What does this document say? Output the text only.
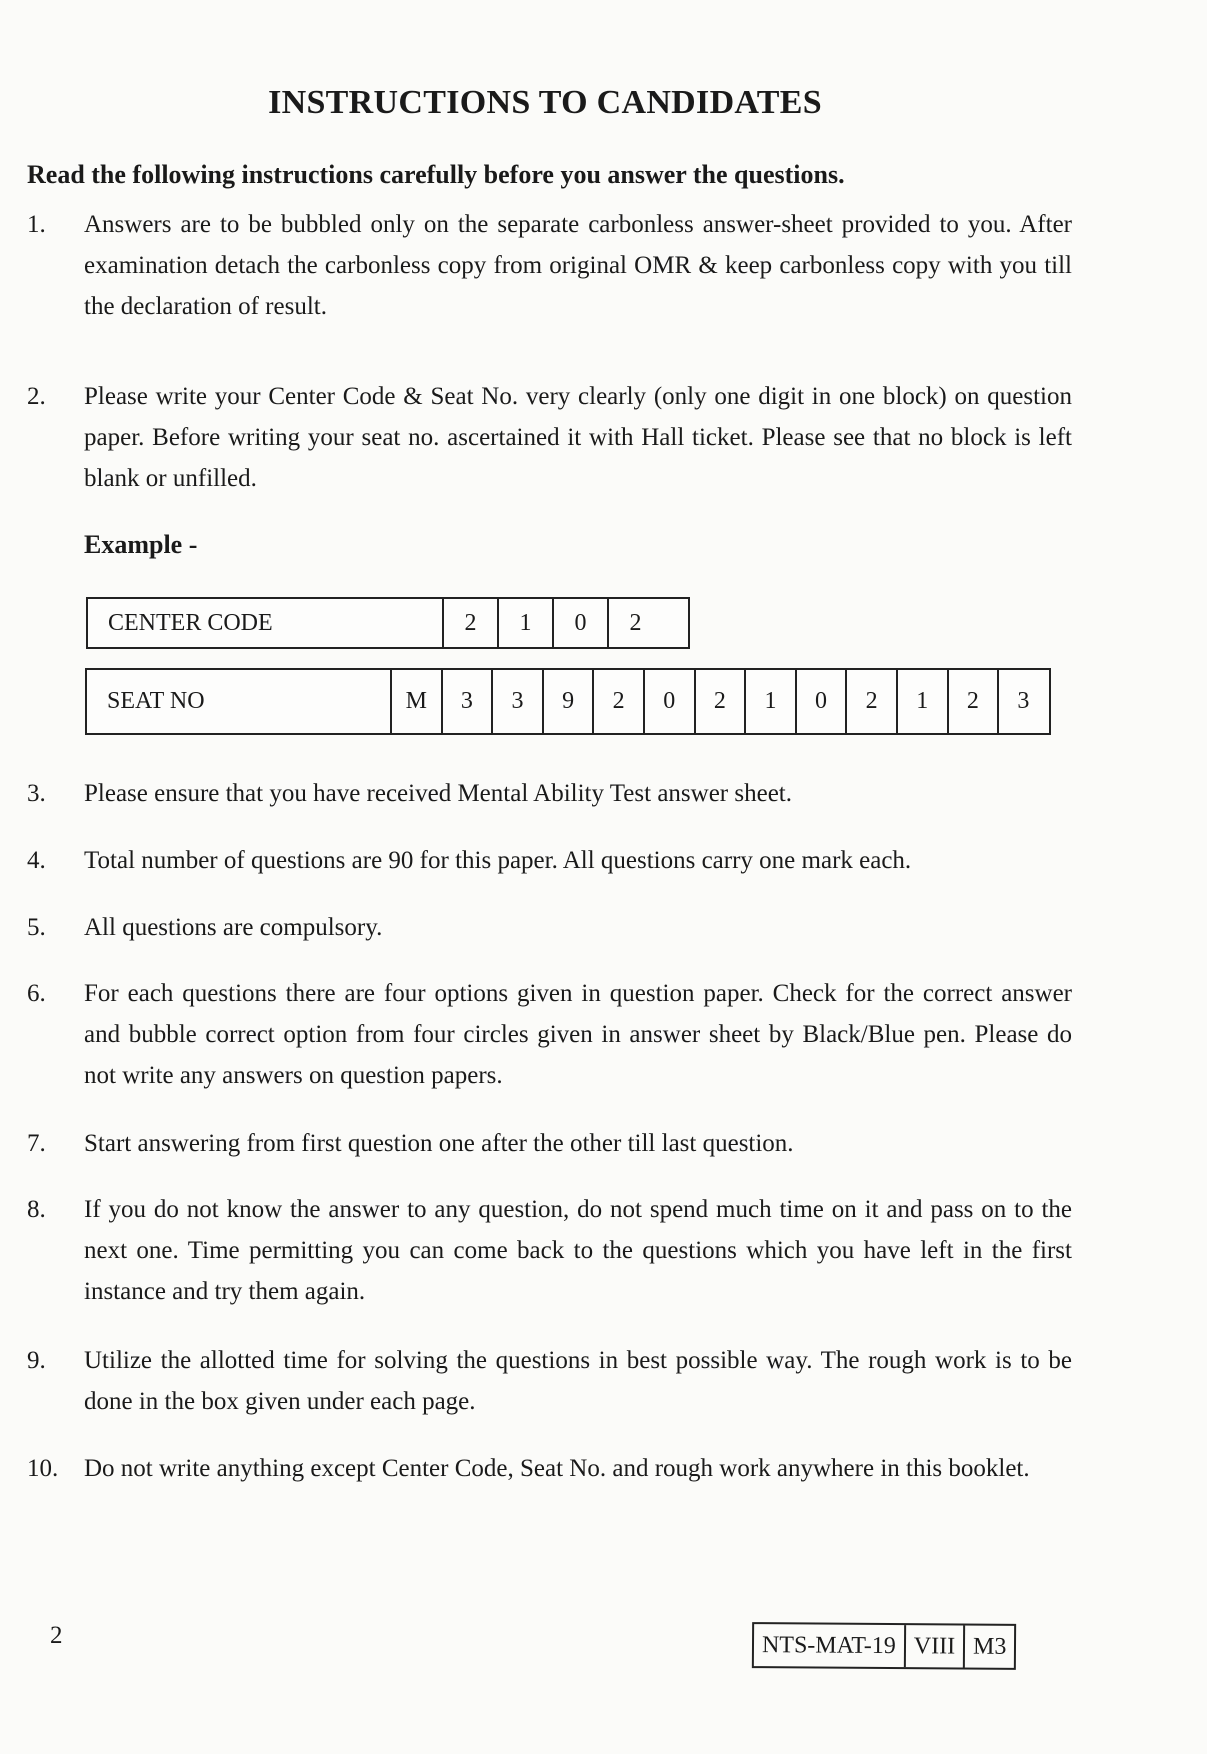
INSTRUCTIONS TO CANDIDATES
Read the following instructions carefully before you answer the questions.
1. Answers are to be bubbled only on the separate carbonless answer-sheet provided to you. After examination detach the carbonless copy from original OMR & keep carbonless copy with you till the declaration of result.
2. Please write your Center Code & Seat No. very clearly (only one digit in one block) on question paper. Before writing your seat no. ascertained it with Hall ticket. Please see that no block is left blank or unfilled.
Example -
CENTER CODE	2	1	0	2
SEAT NO	M	3	3	9	2	0	2	1	0	2	1	2	3
3. Please ensure that you have received Mental Ability Test answer sheet.
4. Total number of questions are 90 for this paper. All questions carry one mark each.
5. All questions are compulsory.
6. For each questions there are four options given in question paper. Check for the correct answer and bubble correct option from four circles given in answer sheet by Black/Blue pen. Please do not write any answers on question papers.
7. Start answering from first question one after the other till last question.
8. If you do not know the answer to any question, do not spend much time on it and pass on to the next one. Time permitting you can come back to the questions which you have left in the first instance and try them again.
9. Utilize the allotted time for solving the questions in best possible way. The rough work is to be done in the box given under each page.
10. Do not write anything except Center Code, Seat No. and rough work anywhere in this booklet.
2	NTS-MAT-19 VIII M3
